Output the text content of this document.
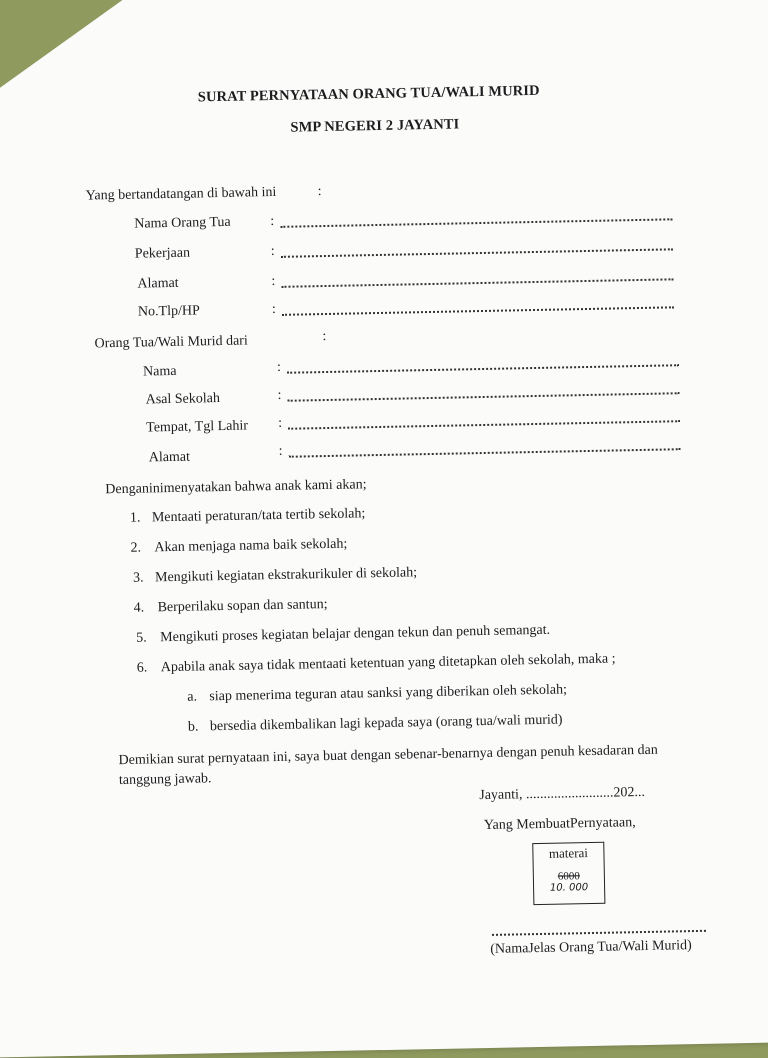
SURAT PERNYATAAN ORANG TUA/WALI MURID
SMP NEGERI 2 JAYANTI
Yang bertandatangan di bawah ini	:
Nama Orang Tua	:
Pekerjaan	:
Alamat	:
No.Tlp/HP	:
Orang Tua/Wali Murid dari	:
Nama	:
Asal Sekolah	:
Tempat, Tgl Lahir :
Alamat	:
Denganinimenyatakan bahwa anak kami akan;
1. Mentaati peraturan/tata tertib sekolah;
2. Akan menjaga nama baik sekolah;
3. Mengikuti kegiatan ekstrakurikuler di sekolah;
4. Berperilaku sopan dan santun;
5. Mengikuti proses kegiatan belajar dengan tekun dan penuh semangat.
6. Apabila anak saya tidak mentaati ketentuan yang ditetapkan oleh sekolah, maka ;
a. siap menerima teguran atau sanksi yang diberikan oleh sekolah;
b. bersedia dikembalikan lagi kepada saya (orang tua/wali murid)
Demikian surat pernyataan ini, saya buat dengan sebenar-benarnya dengan penuh kesadaran dan
tanggung jawab.
Jayanti, .........................202...
Yang MembuatPernyataan,
materai
6000
10. 000
(NamaJelas Orang Tua/Wali Murid)
